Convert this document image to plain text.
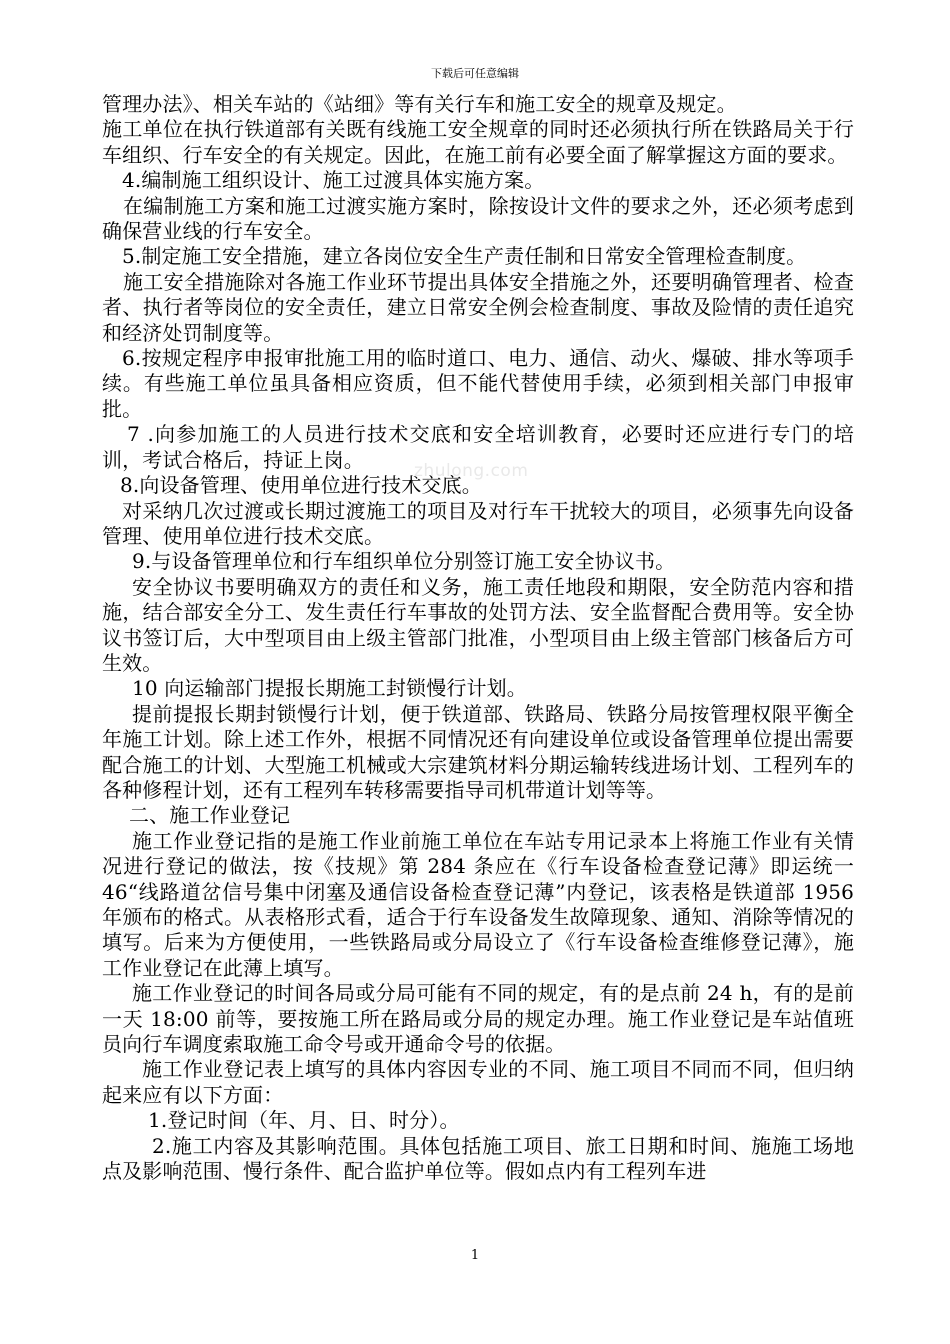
下载后可任意编辑
zhulong.com

管理办法》、相关车站的《站细》等有关行车和施工安全的规章及规定。

施工单位在执行铁道部有关既有线施工安全规章的同时还必须执行所在铁路局关于行车组织、行车安全的有关规定。因此，在施工前有必要全面了解掌握这方面的要求。

4.编制施工组织设计、施工过渡具体实施方案。

在编制施工方案和施工过渡实施方案时，除按设计文件的要求之外，还必须考虑到确保营业线的行车安全。

5.制定施工安全措施，建立各岗位安全生产责任制和日常安全管理检查制度。

施工安全措施除对各施工作业环节提出具体安全措施之外，还要明确管理者、检查者、执行者等岗位的安全责任，建立日常安全例会检查制度、事故及险情的责任追究和经济处罚制度等。

6.按规定程序申报审批施工用的临时道口、电力、通信、动火、爆破、排水等项手续。有些施工单位虽具备相应资质，但不能代替使用手续，必须到相关部门申报审批。

7 .向参加施工的人员进行技术交底和安全培训教育，必要时还应进行专门的培训，考试合格后，持证上岗。

8.向设备管理、使用单位进行技术交底。

对采纳几次过渡或长期过渡施工的项目及对行车干扰较大的项目，必须事先向设备管理、使用单位进行技术交底。

9.与设备管理单位和行车组织单位分别签订施工安全协议书。

安全协议书要明确双方的责任和义务，施工责任地段和期限，安全防范内容和措施，结合部安全分工、发生责任行车事故的处罚方法、安全监督配合费用等。安全协议书签订后，大中型项目由上级主管部门批准，小型项目由上级主管部门核备后方可生效。

10 向运输部门提报长期施工封锁慢行计划。

提前提报长期封锁慢行计划，便于铁道部、铁路局、铁路分局按管理权限平衡全年施工计划。除上述工作外，根据不同情况还有向建设单位或设备管理单位提出需要配合施工的计划、大型施工机械或大宗建筑材料分期运输转线进场计划、工程列车的各种修程计划，还有工程列车转移需要指导司机带道计划等等。

二、施工作业登记

施工作业登记指的是施工作业前施工单位在车站专用记录本上将施工作业有关情况进行登记的做法，按《技规》第 284 条应在《行车设备检查登记薄》即运统一 46“线路道岔信号集中闭塞及通信设备检查登记薄”内登记，该表格是铁道部 1956 年颁布的格式。从表格形式看，适合于行车设备发生故障现象、通知、消除等情况的填写。后来为方便使用，一些铁路局或分局设立了《行车设备检查维修登记薄》，施工作业登记在此薄上填写。

施工作业登记的时间各局或分局可能有不同的规定，有的是点前 24 h，有的是前一天 18:00 前等，要按施工所在路局或分局的规定办理。施工作业登记是车站值班员向行车调度索取施工命令号或开通命令号的依据。

施工作业登记表上填写的具体内容因专业的不同、施工项目不同而不同，但归纳起来应有以下方面：

1.登记时间（年、月、日、时分）。

2.施工内容及其影响范围。具体包括施工项目、旅工日期和时间、施施工场地点及影响范围、慢行条件、配合监护单位等。假如点内有工程列车进

1
